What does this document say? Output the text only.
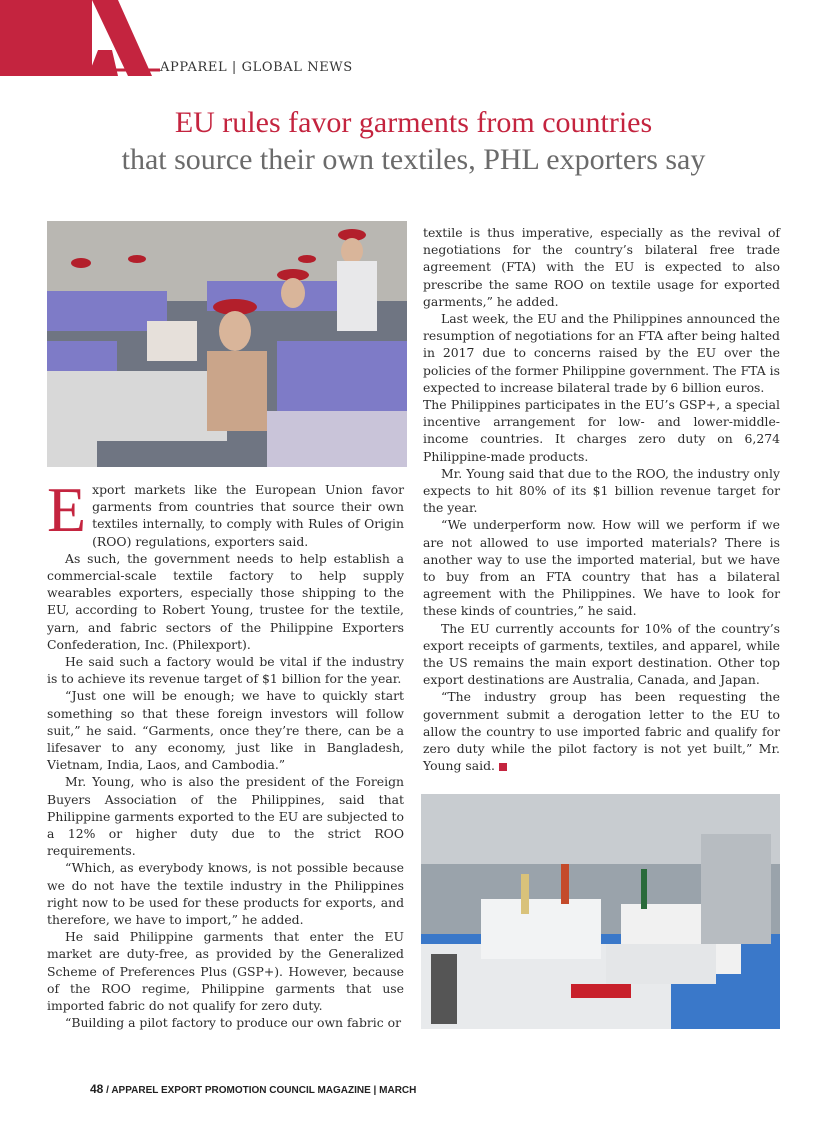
APPAREL | GLOBAL NEWS
EU rules favor garments from countries
that source their own textiles, PHL exporters say
E xport markets like the European Union favor garments from countries that source their own textiles internally, to comply with Rules of Origin (ROO) regulations, exporters said.

As such, the government needs to help establish a commercial-scale textile factory to help supply wearables exporters, especially those shipping to the EU, according to Robert Young, trustee for the textile, yarn, and fabric sectors of the Philippine Exporters Confederation, Inc. (Philexport).

He said such a factory would be vital if the industry is to achieve its revenue target of $1 billion for the year.

“Just one will be enough; we have to quickly start something so that these foreign investors will follow suit,” he said. “Garments, once they’re there, can be a lifesaver to any economy, just like in Bangladesh, Vietnam, India, Laos, and Cambodia.”

Mr. Young, who is also the president of the Foreign Buyers Association of the Philippines, said that Philippine garments exported to the EU are subjected to a 12% or higher duty due to the strict ROO requirements.

“Which, as everybody knows, is not possible because we do not have the textile industry in the Philippines right now to be used for these products for exports, and therefore, we have to import,” he added.

He said Philippine garments that enter the EU market are duty-free, as provided by the Generalized Scheme of Preferences Plus (GSP+). However, because of the ROO regime, Philippine garments that use imported fabric do not qualify for zero duty.

“Building a pilot factory to produce our own fabric or

textile is thus imperative, especially as the revival of negotiations for the country’s bilateral free trade agreement (FTA) with the EU is expected to also prescribe the same ROO on textile usage for exported garments,” he added.

Last week, the EU and the Philippines announced the resumption of negotiations for an FTA after being halted in 2017 due to concerns raised by the EU over the policies of the former Philippine government. The FTA is expected to increase bilateral trade by 6 billion euros.

The Philippines participates in the EU’s GSP+, a special incentive arrangement for low- and lower-middle-income countries. It charges zero duty on 6,274 Philippine-made products.

Mr. Young said that due to the ROO, the industry only expects to hit 80% of its $1 billion revenue target for the year.

“We underperform now. How will we perform if we are not allowed to use imported materials? There is another way to use the imported material, but we have to buy from an FTA country that has a bilateral agreement with the Philippines. We have to look for these kinds of countries,” he said.

The EU currently accounts for 10% of the country’s export receipts of garments, textiles, and apparel, while the US remains the main export destination. Other top export destinations are Australia, Canada, and Japan.

“The industry group has been requesting the government submit a derogation letter to the EU to allow the country to use imported fabric and qualify for zero duty while the pilot factory is not yet built,” Mr. Young said.

48 / APPAREL EXPORT PROMOTION COUNCIL MAGAZINE | MARCH
